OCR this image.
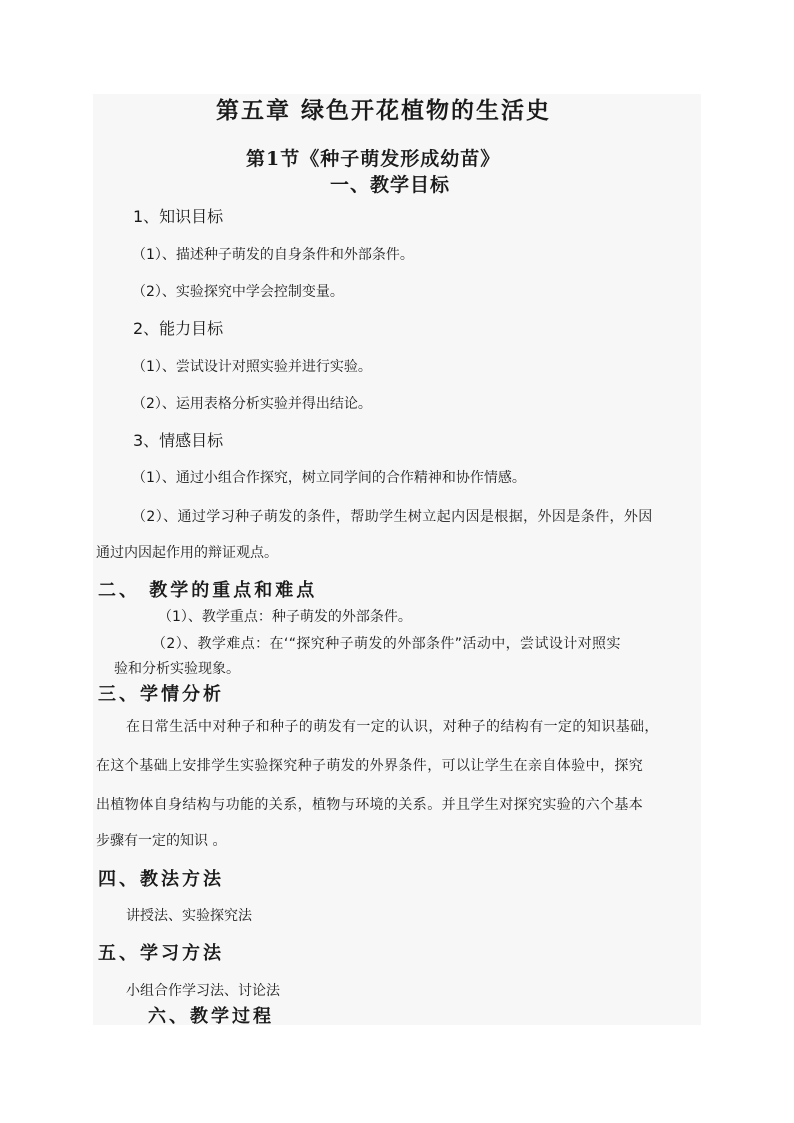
第五章 绿色开花植物的生活史
第1节《种子萌发形成幼苗》
一、教学目标
1、知识目标
（1）、描述种子萌发的自身条件和外部条件。
（2）、实验探究中学会控制变量。
2、能力目标
（1）、尝试设计对照实验并进行实验。
（2）、运用表格分析实验并得出结论。
3、情感目标
（1）、通过小组合作探究，树立同学间的合作精神和协作情感。
（2）、通过学习种子萌发的条件，帮助学生树立起内因是根据，外因是条件，外因
通过内因起作用的辩证观点。
二、 教学的重点和难点
（1）、教学重点：种子萌发的外部条件。
（2）、教学难点：在‘“探究种子萌发的外部条件”活动中，尝试设计对照实
验和分析实验现象。
三、学情分析
在日常生活中对种子和种子的萌发有一定的认识，对种子的结构有一定的知识基础，
在这个基础上安排学生实验探究种子萌发的外界条件，可以让学生在亲自体验中，探究
出植物体自身结构与功能的关系，植物与环境的关系。并且学生对探究实验的六个基本
步骤有一定的知识 。
四、教法方法
讲授法、实验探究法
五、学习方法
小组合作学习法、讨论法
六、教学过程
